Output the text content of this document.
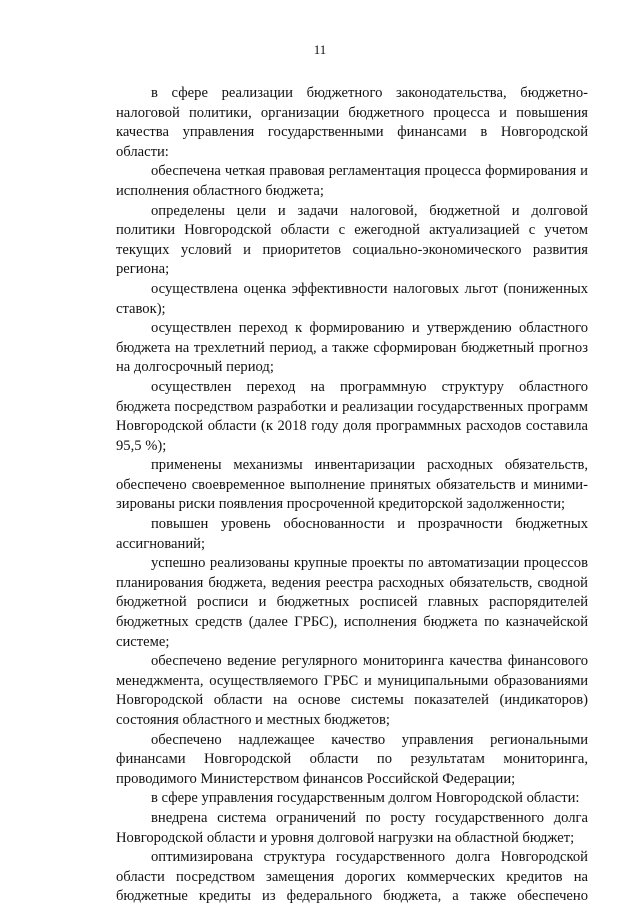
11

в сфере реализации бюджетного законодательства, бюджетно-налоговой политики, организации бюджетного процесса и повышения качества управления государственными финансами в Новгородской области:

обеспечена четкая правовая регламентация процесса формирования и исполнения областного бюджета;

определены цели и задачи налоговой, бюджетной и долговой политики Новгородской области с ежегодной актуализацией с учетом текущих условий и приоритетов социально-экономического развития региона;

осуществлена оценка эффективности налоговых льгот (пониженных ставок);

осуществлен переход к формированию и утверждению областного бюджета на трехлетний период, а также сформирован бюджетный прогноз на долгосрочный период;

осуществлен переход на программную структуру областного бюджета посредством разработки и реализации государственных программ Новгородской области (к 2018 году доля программных расходов составила 95,5 %);

применены механизмы инвентаризации расходных обязательств, обеспечено своевременное выполнение принятых обязательств и минимизированы риски появления просроченной кредиторской задолженности;

повышен уровень обоснованности и прозрачности бюджетных ассигнований;

успешно реализованы крупные проекты по автоматизации процессов планирования бюджета, ведения реестра расходных обязательств, сводной бюджетной росписи и бюджетных росписей главных распорядителей бюджетных средств (далее ГРБС), исполнения бюджета по казначейской системе;

обеспечено ведение регулярного мониторинга качества финансового менеджмента, осуществляемого ГРБС и муниципальными образованиями Новгородской области на основе системы показателей (индикаторов) состояния областного и местных бюджетов;

обеспечено надлежащее качество управления региональными финансами Новгородской области по результатам мониторинга, проводимого Министерством финансов Российской Федерации;

в сфере управления государственным долгом Новгородской области:

внедрена система ограничений по росту государственного долга Новгородской области и уровня долговой нагрузки на областной бюджет;

оптимизирована структура государственного долга Новгородской области посредством замещения дорогих коммерческих кредитов на бюджетные кредиты из федерального бюджета, а также обеспечено
